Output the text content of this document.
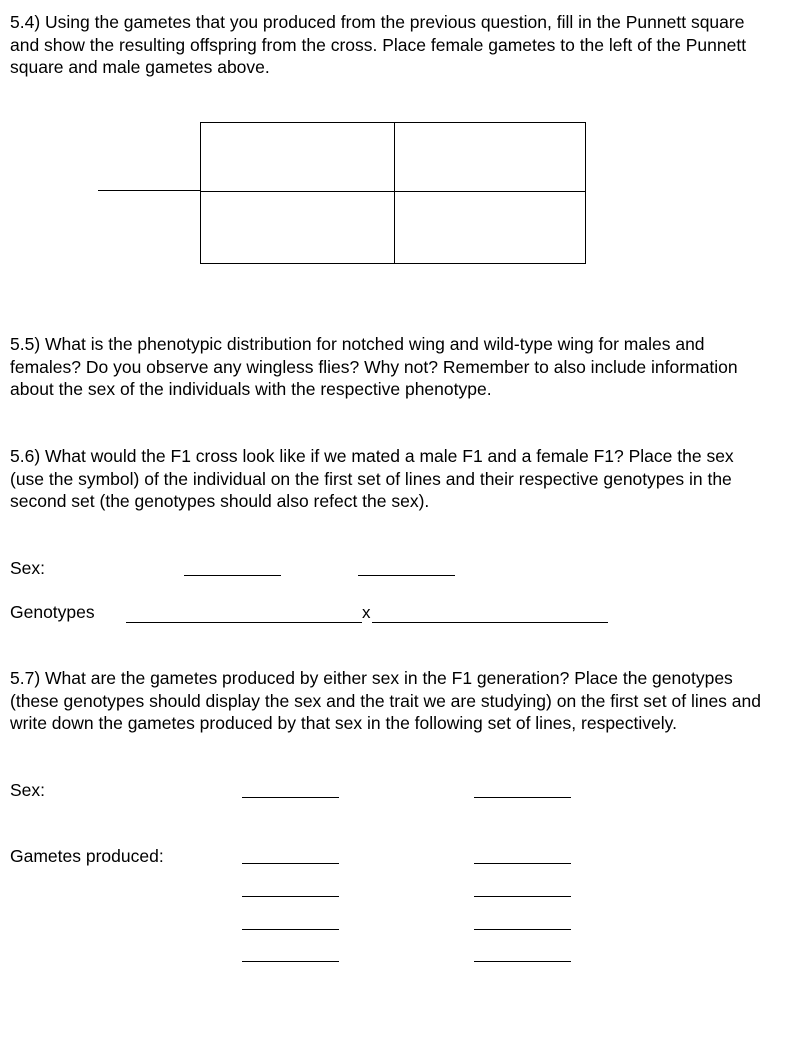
5.4) Using the gametes that you produced from the previous question, fill in the Punnett square and show the resulting offspring from the cross. Place female gametes to the left of the Punnett square and male gametes above.

5.5) What is the phenotypic distribution for notched wing and wild-type wing for males and females? Do you observe any wingless flies? Why not? Remember to also include information about the sex of the individuals with the respective phenotype.

5.6) What would the F1 cross look like if we mated a male F1 and a female F1? Place the sex (use the symbol) of the individual on the first set of lines and their respective genotypes in the second set (the genotypes should also refect the sex).

Sex:
Genotypes	x

5.7) What are the gametes produced by either sex in the F1 generation? Place the genotypes (these genotypes should display the sex and the trait we are studying) on the first set of lines and write down the gametes produced by that sex in the following set of lines, respectively.

Sex:
Gametes produced:
